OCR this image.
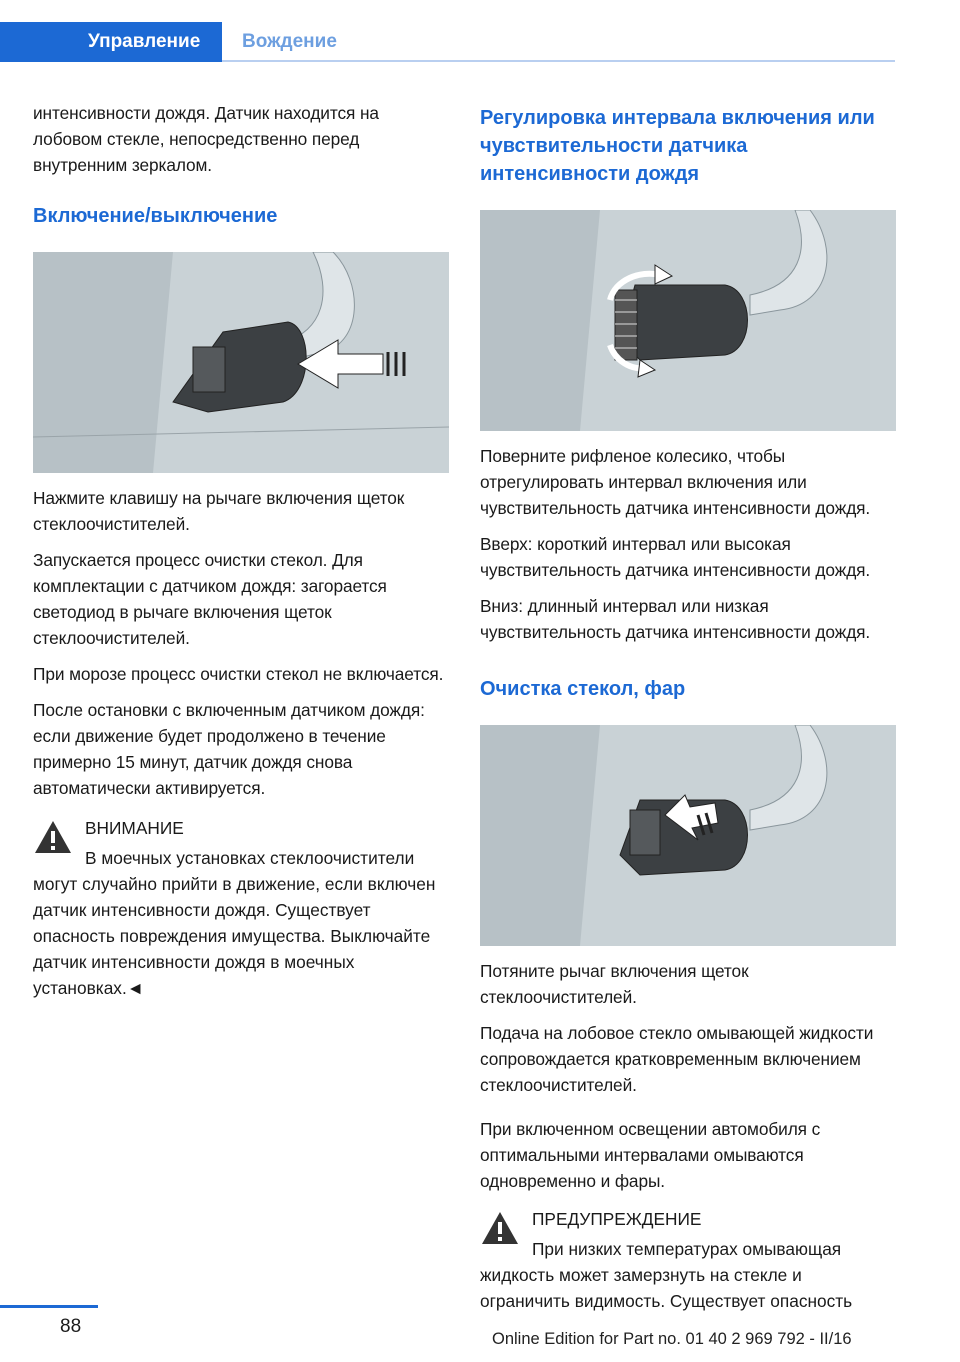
Управление	Вождение

интенсивности дождя. Датчик находится на лобовом стекле, непосредственно перед внутренним зеркалом.

Включение/выключение

Нажмите клавишу на рычаге включения щеток стеклоочистителей.

Запускается процесс очистки стекол. Для комплектации с датчиком дождя: загорается светодиод в рычаге включения щеток стеклоочистителей.

При морозе процесс очистки стекол не включается.

После остановки с включенным датчиком дождя: если движение будет продолжено в течение примерно 15 минут, датчик дождя снова автоматически активируется.

ВНИМАНИЕ

В моечных установках стеклоочистители могут случайно прийти в движение, если включен датчик интенсивности дождя. Существует опасность повреждения имущества. Выключайте датчик интенсивности дождя в моечных установках.◄

Регулировка интервала включения или чувствительности датчика интенсивности дождя

Поверните рифленое колесико, чтобы отрегулировать интервал включения или чувствительность датчика интенсивности дождя.

Вверх: короткий интервал или высокая чувствительность датчика интенсивности дождя.

Вниз: длинный интервал или низкая чувствительность датчика интенсивности дождя.

Очистка стекол, фар

Потяните рычаг включения щеток стеклоочистителей.

Подача на лобовое стекло омывающей жидкости сопровождается кратковременным включением стеклоочистителей.

При включенном освещении автомобиля с оптимальными интервалами омываются одновременно и фары.

ПРЕДУПРЕЖДЕНИЕ

При низких температурах омывающая жидкость может замерзнуть на стекле и ограничить видимость. Существует опасность

88
Online Edition for Part no. 01 40 2 969 792 - II/16
